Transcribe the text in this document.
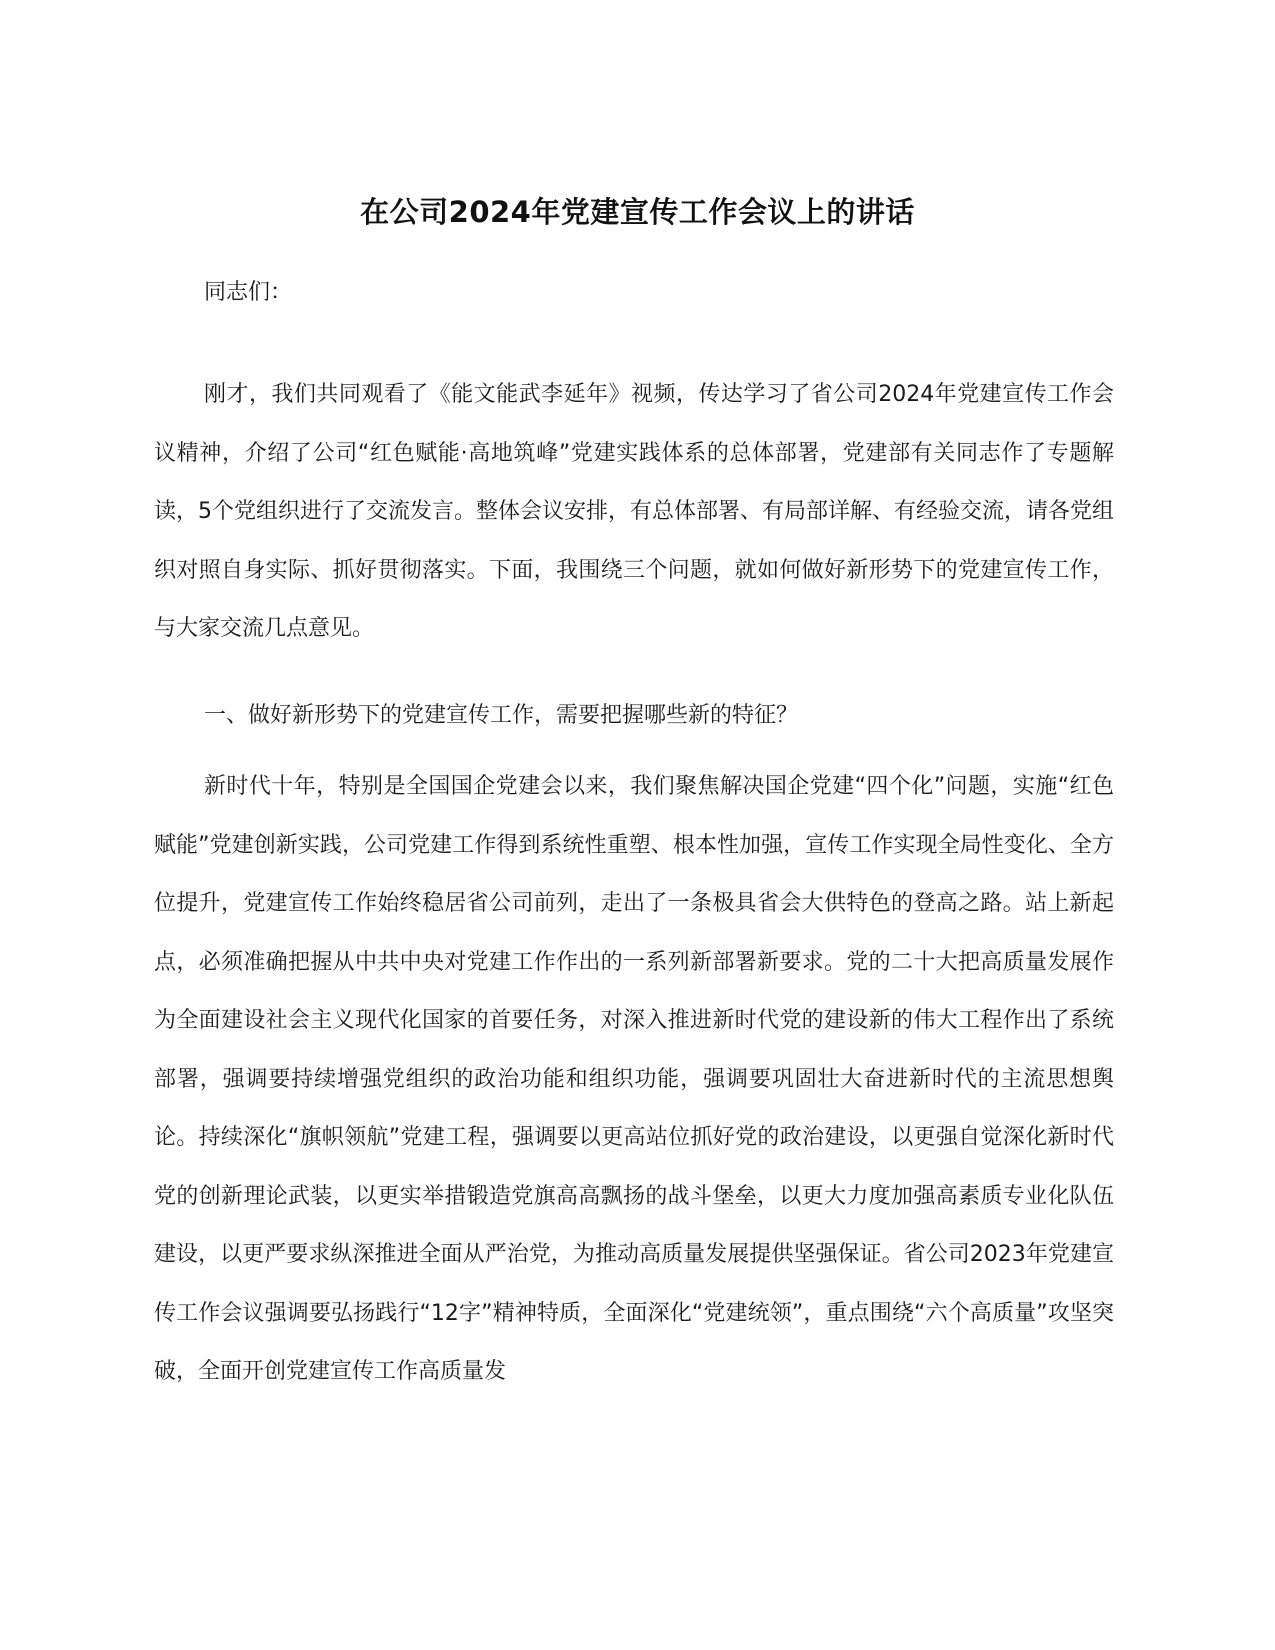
在公司2024年党建宣传工作会议上的讲话
同志们：

刚才，我们共同观看了《能文能武李延年》视频，传达学习了省公司2024年党建宣传工作会议精神，介绍了公司“红色赋能·高地筑峰”党建实践体系的总体部署，党建部有关同志作了专题解读，5个党组织进行了交流发言。整体会议安排，有总体部署、有局部详解、有经验交流，请各党组织对照自身实际、抓好贯彻落实。下面，我围绕三个问题，就如何做好新形势下的党建宣传工作，与大家交流几点意见。

一、做好新形势下的党建宣传工作，需要把握哪些新的特征？

新时代十年，特别是全国国企党建会以来，我们聚焦解决国企党建“四个化”问题，实施“红色赋能”党建创新实践，公司党建工作得到系统性重塑、根本性加强，宣传工作实现全局性变化、全方位提升，党建宣传工作始终稳居省公司前列，走出了一条极具省会大供特色的登高之路。站上新起点，必须准确把握从中共中央对党建工作作出的一系列新部署新要求。党的二十大把高质量发展作为全面建设社会主义现代化国家的首要任务，对深入推进新时代党的建设新的伟大工程作出了系统部署，强调要持续增强党组织的政治功能和组织功能，强调要巩固壮大奋进新时代的主流思想舆论。持续深化“旗帜领航”党建工程，强调要以更高站位抓好党的政治建设，以更强自觉深化新时代党的创新理论武装，以更实举措锻造党旗高高飘扬的战斗堡垒，以更大力度加强高素质专业化队伍建设，以更严要求纵深推进全面从严治党，为推动高质量发展提供坚强保证。省公司2023年党建宣传工作会议强调要弘扬践行“12字”精神特质，全面深化“党建统领”，重点围绕“六个高质量”攻坚突破，全面开创党建宣传工作高质量发
